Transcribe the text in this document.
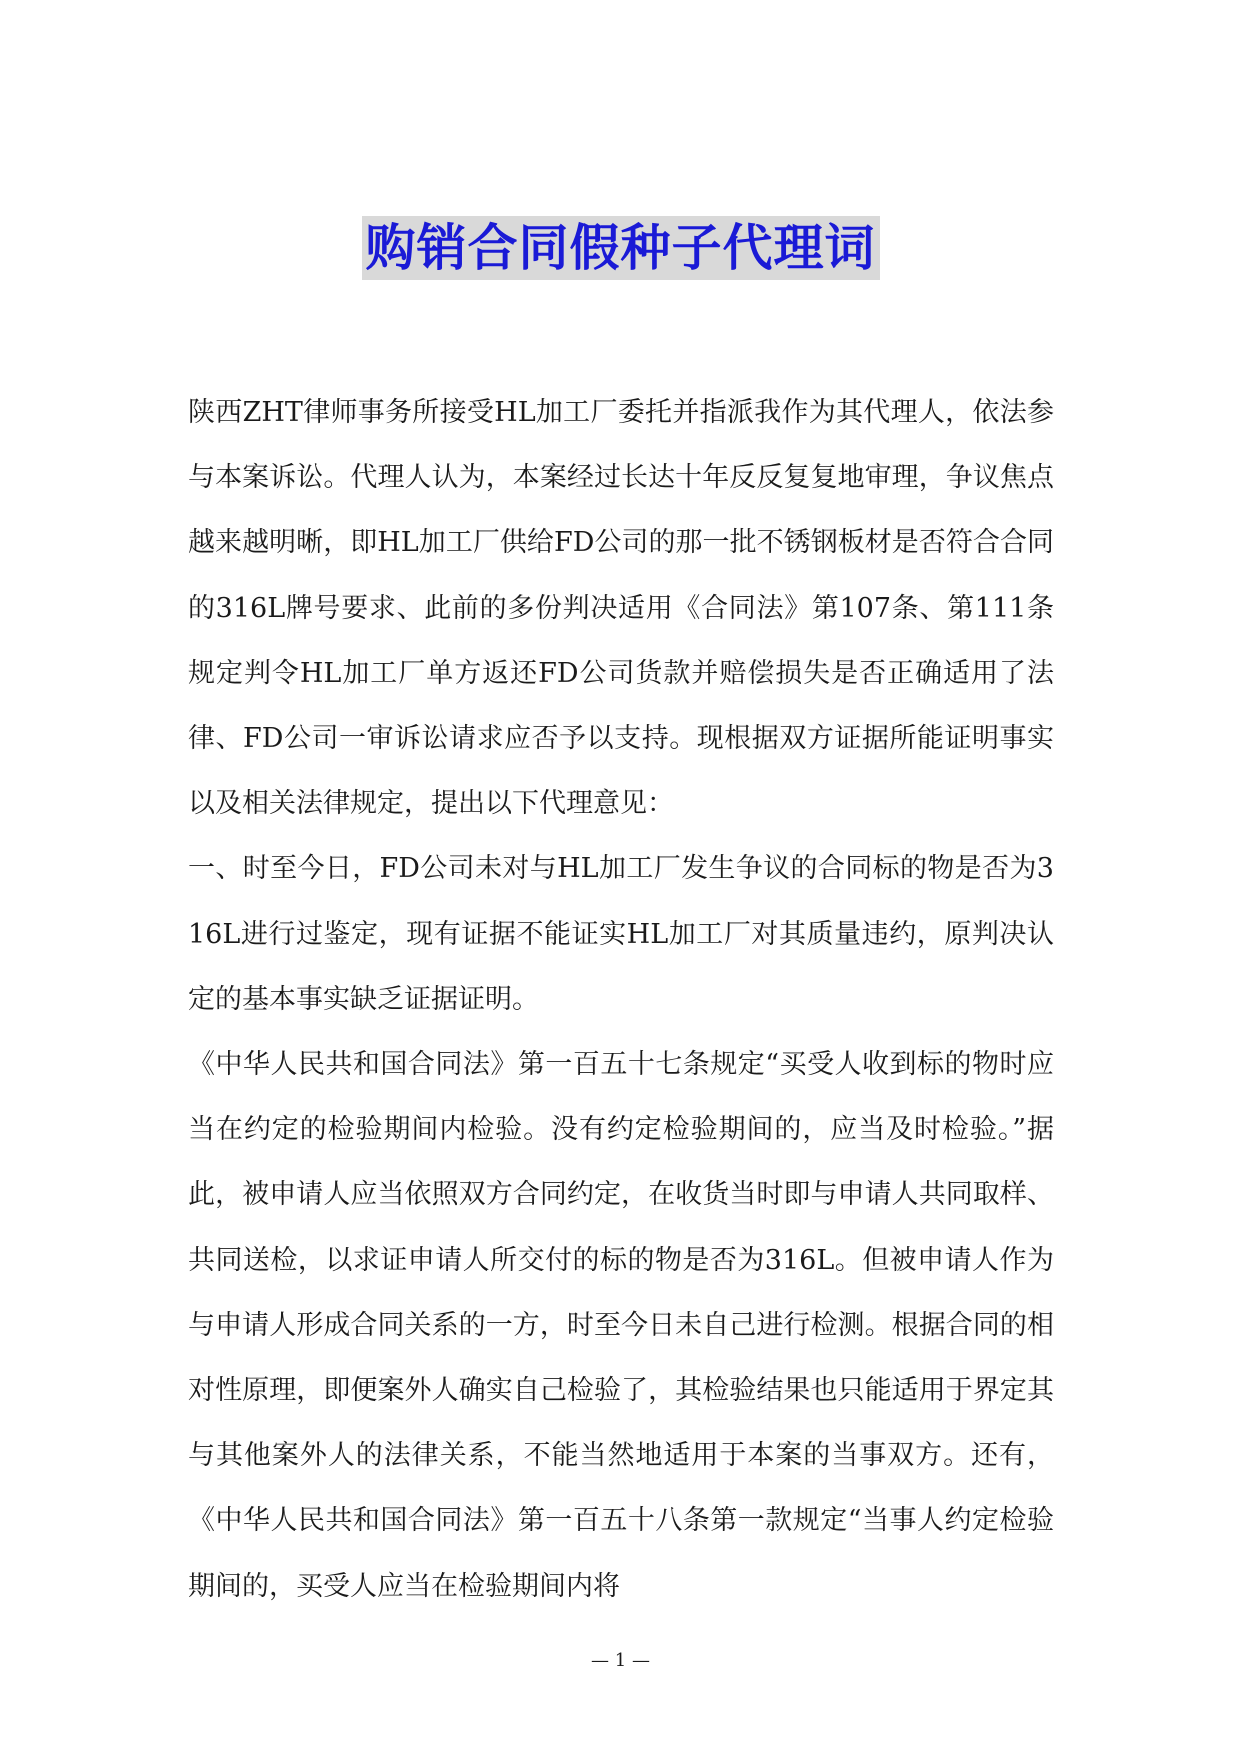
购销合同假种子代理词

陕西ZHT律师事务所接受HL加工厂委托并指派我作为其代理人，依法参与本案诉讼。代理人认为，本案经过长达十年反反复复地审理，争议焦点越来越明晰，即HL加工厂供给FD公司的那一批不锈钢板材是否符合合同的316L牌号要求、此前的多份判决适用《合同法》第107条、第111条规定判令HL加工厂单方返还FD公司货款并赔偿损失是否正确适用了法律、FD公司一审诉讼请求应否予以支持。现根据双方证据所能证明事实以及相关法律规定，提出以下代理意见：

一、时至今日，FD公司未对与HL加工厂发生争议的合同标的物是否为316L进行过鉴定，现有证据不能证实HL加工厂对其质量违约，原判决认定的基本事实缺乏证据证明。

《中华人民共和国合同法》第一百五十七条规定“买受人收到标的物时应当在约定的检验期间内检验。没有约定检验期间的，应当及时检验。”据此，被申请人应当依照双方合同约定，在收货当时即与申请人共同取样、共同送检，以求证申请人所交付的标的物是否为316L。但被申请人作为与申请人形成合同关系的一方，时至今日未自己进行检测。根据合同的相对性原理，即便案外人确实自己检验了，其检验结果也只能适用于界定其与其他案外人的法律关系，不能当然地适用于本案的当事双方。还有，《中华人民共和国合同法》第一百五十八条第一款规定“当事人约定检验期间的，买受人应当在检验期间内将

— 1 —
